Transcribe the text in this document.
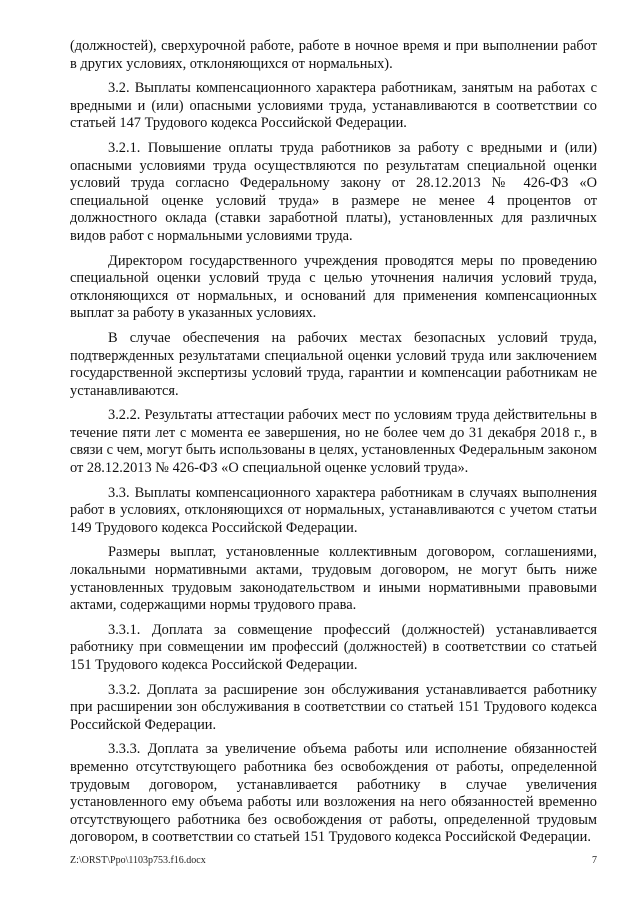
(должностей), сверхурочной работе, работе в ночное время и при выполнении работ в других условиях, отклоняющихся от нормальных).

3.2. Выплаты компенсационного характера работникам, занятым на работах с вредными и (или) опасными условиями труда, устанавливаются в соответствии со статьей 147 Трудового кодекса Российской Федерации.

3.2.1. Повышение оплаты труда работников за работу с вредными и (или) опасными условиями труда осуществляются по результатам специальной оценки условий труда согласно Федеральному закону от 28.12.2013 № 426-ФЗ «О специальной оценке условий труда» в размере не менее 4 процентов от должностного оклада (ставки заработной платы), установленных для различных видов работ с нормальными условиями труда.

Директором государственного учреждения проводятся меры по проведению специальной оценки условий труда с целью уточнения наличия условий труда, отклоняющихся от нормальных, и оснований для применения компенсационных выплат за работу в указанных условиях.

В случае обеспечения на рабочих местах безопасных условий труда, подтвержденных результатами специальной оценки условий труда или заключением государственной экспертизы условий труда, гарантии и компенсации работникам не устанавливаются.

3.2.2. Результаты аттестации рабочих мест по условиям труда действительны в течение пяти лет с момента ее завершения, но не более чем до 31 декабря 2018 г., в связи с чем, могут быть использованы в целях, установленных Федеральным законом от 28.12.2013 № 426-ФЗ «О специальной оценке условий труда».

3.3. Выплаты компенсационного характера работникам в случаях выполнения работ в условиях, отклоняющихся от нормальных, устанавливаются с учетом статьи 149 Трудового кодекса Российской Федерации.

Размеры выплат, установленные коллективным договором, соглашениями, локальными нормативными актами, трудовым договором, не могут быть ниже установленных трудовым законодательством и иными нормативными правовыми актами, содержащими нормы трудового права.

3.3.1. Доплата за совмещение профессий (должностей) устанавливается работнику при совмещении им профессий (должностей) в соответствии со статьей 151 Трудового кодекса Российской Федерации.

3.3.2. Доплата за расширение зон обслуживания устанавливается работнику при расширении зон обслуживания в соответствии со статьей 151 Трудового кодекса Российской Федерации.

3.3.3. Доплата за увеличение объема работы или исполнение обязанностей временно отсутствующего работника без освобождения от работы, определенной трудовым договором, устанавливается работнику в случае увеличения установленного ему объема работы или возложения на него обязанностей временно отсутствующего работника без освобождения от работы, определенной трудовым договором, в соответствии со статьей 151 Трудового кодекса Российской Федерации.

Z:\ORST\Ppo\1103p753.f16.docx	7
